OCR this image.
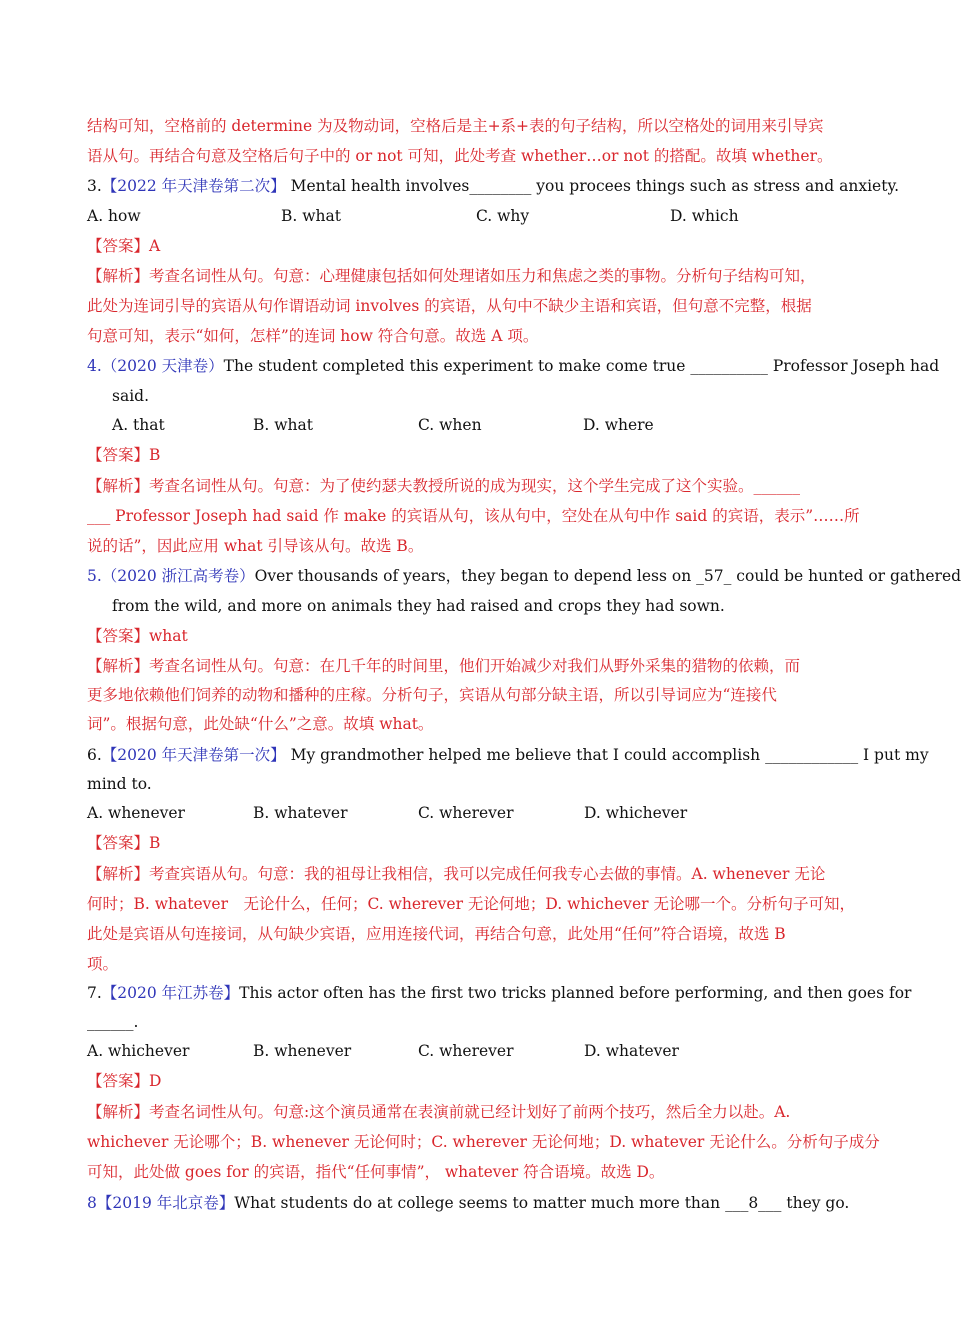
结构可知，空格前的 determine 为及物动词，空格后是主+系+表的句子结构，所以空格处的词用来引导宾
语从句。再结合句意及空格后句子中的 or not 可知，此处考查 whether…or not 的搭配。故填 whether。
3.【2022 年天津卷第二次】 Mental health involves________ you procees things such as stress and anxiety.
A. how	B. what	C. why	D. which
【答案】A
【解析】考查名词性从句。句意：心理健康包括如何处理诸如压力和焦虑之类的事物。分析句子结构可知，
此处为连词引导的宾语从句作谓语动词 involves 的宾语，从句中不缺少主语和宾语，但句意不完整，根据
句意可知，表示“如何，怎样”的连词 how 符合句意。故选 A 项。
4.（2020 天津卷）The student completed this experiment to make come true __________ Professor Joseph had
said.
A. that	B. what	C. when	D. where
【答案】B
【解析】考查名词性从句。句意：为了使约瑟夫教授所说的成为现实，这个学生完成了这个实验。______
___ Professor Joseph had said 作 make 的宾语从句，该从句中，空处在从句中作 said 的宾语，表示”……所
说的话”，因此应用 what 引导该从句。故选 B。
5.（2020 浙江高考卷）Over thousands of years，they began to depend less on _57_ could be hunted or gathered
from the wild, and more on animals they had raised and crops they had sown.
【答案】what
【解析】考查名词性从句。句意：在几千年的时间里，他们开始减少对我们从野外采集的猎物的依赖，而
更多地依赖他们饲养的动物和播种的庄稼。分析句子，宾语从句部分缺主语，所以引导词应为“连接代
词”。根据句意，此处缺“什么”之意。故填 what。
6.【2020 年天津卷第一次】 My grandmother helped me believe that I could accomplish ____________ I put my
mind to.
A. whenever	B. whatever	C. wherever	D. whichever
【答案】B
【解析】考查宾语从句。句意：我的祖母让我相信，我可以完成任何我专心去做的事情。A. whenever 无论
何时；B. whatever　无论什么，任何；C. wherever 无论何地；D. whichever 无论哪一个。分析句子可知，
此处是宾语从句连接词，从句缺少宾语，应用连接代词，再结合句意，此处用“任何”符合语境，故选 B
项。
7.【2020 年江苏卷】This actor often has the first two tricks planned before performing, and then goes for
______.
A. whichever	B. whenever	C. wherever	D. whatever
【答案】D
【解析】考查名词性从句。句意:这个演员通常在表演前就已经计划好了前两个技巧，然后全力以赴。A.
whichever 无论哪个；B. whenever 无论何时；C. wherever 无论何地；D. whatever 无论什么。分析句子成分
可知，此处做 goes for 的宾语，指代“任何事情”， whatever 符合语境。故选 D。
8【2019 年北京卷】What students do at college seems to matter much more than ___8___ they go.
